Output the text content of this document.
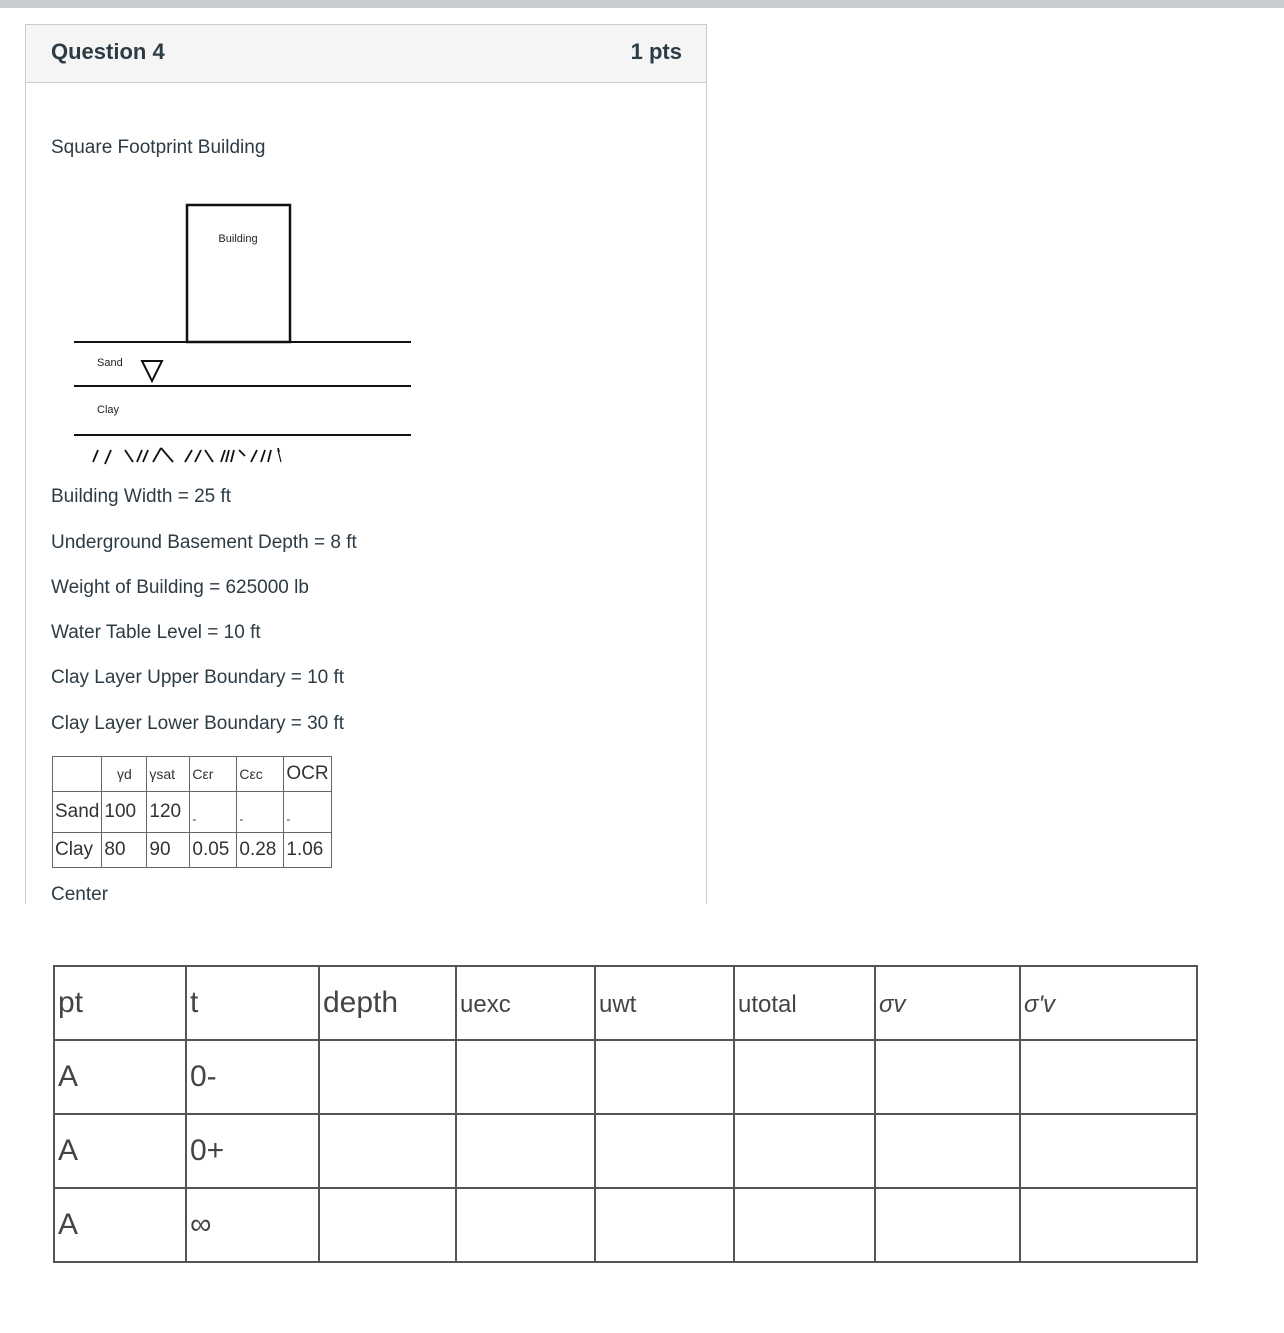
Question 4	1 pts
Square Footprint Building
Building
Sand
Clay
Building Width = 25 ft
Underground Basement Depth = 8 ft
Weight of Building = 625000 lb
Water Table Level = 10 ft
Clay Layer Upper Boundary = 10 ft
Clay Layer Lower Boundary = 30 ft
	γd	γsat	Cεr	Cεc	OCR
Sand	100	120	-	-	-
Clay	80	90	0.05	0.28	1.06
Center
pt	t	depth	uexc	uwt	utotal	σv	σ'v
A	0-						
A	0+						
A	∞						
